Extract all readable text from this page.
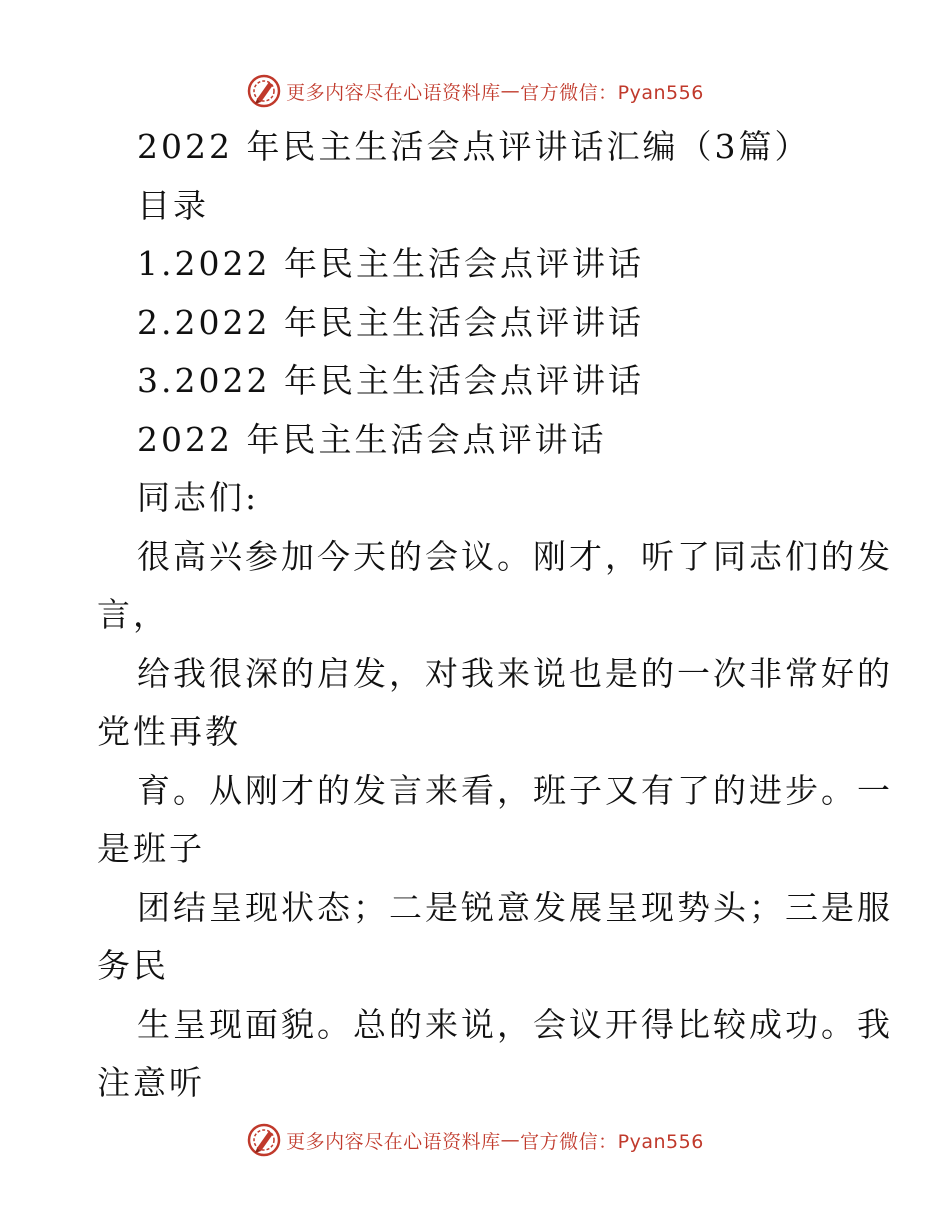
更多内容尽在心语资料库 — 官方微信：Pyan556

2022 年民主生活会点评讲话汇编（3篇）

目录

1.2022 年民主生活会点评讲话

2.2022 年民主生活会点评讲话

3.2022 年民主生活会点评讲话

2022 年民主生活会点评讲话

同志们:

很高兴参加今天的会议。刚才，听了同志们的发

言，

给我很深的启发，对我来说也是的一次非常好的

党性再教

育。从刚才的发言来看，班子又有了的进步。一

是班子

团结呈现状态；二是锐意发展呈现势头；三是服

务民

生呈现面貌。总的来说，会议开得比较成功。我

注意听

更多内容尽在心语资料库 — 官方微信：Pyan556
